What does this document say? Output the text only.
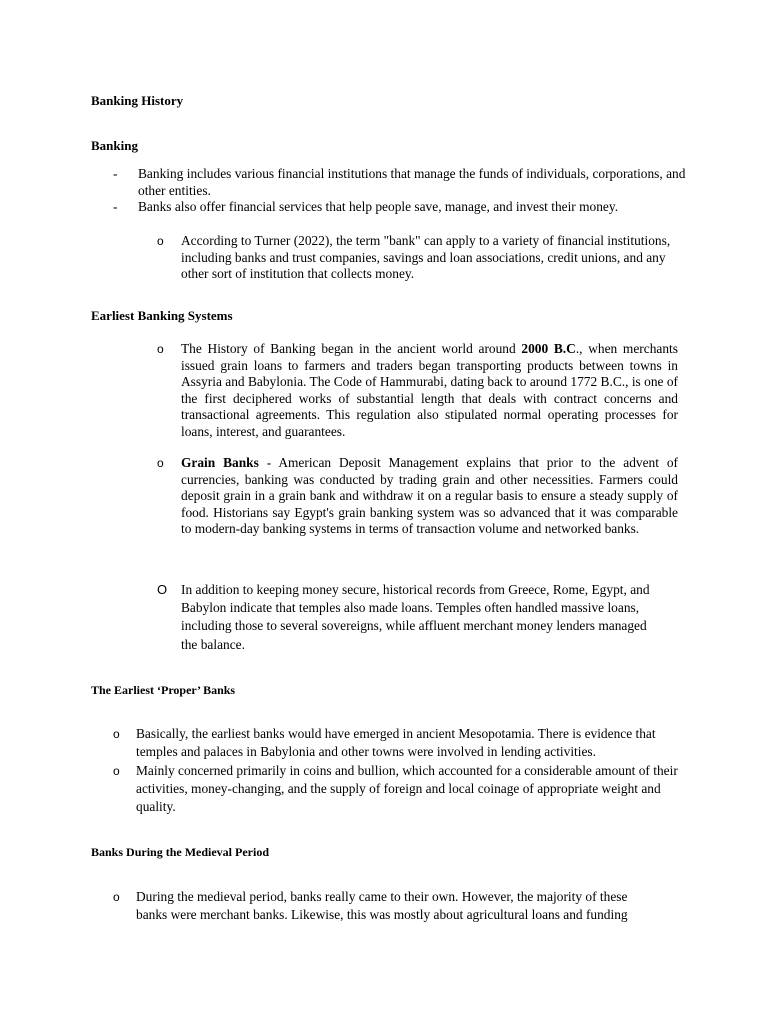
Banking History
Banking
- Banking includes various financial institutions that manage the funds of individuals, corporations, and other entities.
- Banks also offer financial services that help people save, manage, and invest their money.
o According to Turner (2022), the term "bank" can apply to a variety of financial institutions, including banks and trust companies, savings and loan associations, credit unions, and any other sort of institution that collects money.
Earliest Banking Systems
o The History of Banking began in the ancient world around 2000 B.C., when merchants issued grain loans to farmers and traders began transporting products between towns in Assyria and Babylonia. The Code of Hammurabi, dating back to around 1772 B.C., is one of the first deciphered works of substantial length that deals with contract concerns and transactional agreements. This regulation also stipulated normal operating processes for loans, interest, and guarantees.
o Grain Banks - American Deposit Management explains that prior to the advent of currencies, banking was conducted by trading grain and other necessities. Farmers could deposit grain in a grain bank and withdraw it on a regular basis to ensure a steady supply of food. Historians say Egypt's grain banking system was so advanced that it was comparable to modern-day banking systems in terms of transaction volume and networked banks.
O In addition to keeping money secure, historical records from Greece, Rome, Egypt, and Babylon indicate that temples also made loans. Temples often handled massive loans, including those to several sovereigns, while affluent merchant money lenders managed the balance.
The Earliest ‘Proper’ Banks
o Basically, the earliest banks would have emerged in ancient Mesopotamia. There is evidence that temples and palaces in Babylonia and other towns were involved in lending activities.
o Mainly concerned primarily in coins and bullion, which accounted for a considerable amount of their activities, money-changing, and the supply of foreign and local coinage of appropriate weight and quality.
Banks During the Medieval Period
o During the medieval period, banks really came to their own. However, the majority of these banks were merchant banks. Likewise, this was mostly about agricultural loans and funding
